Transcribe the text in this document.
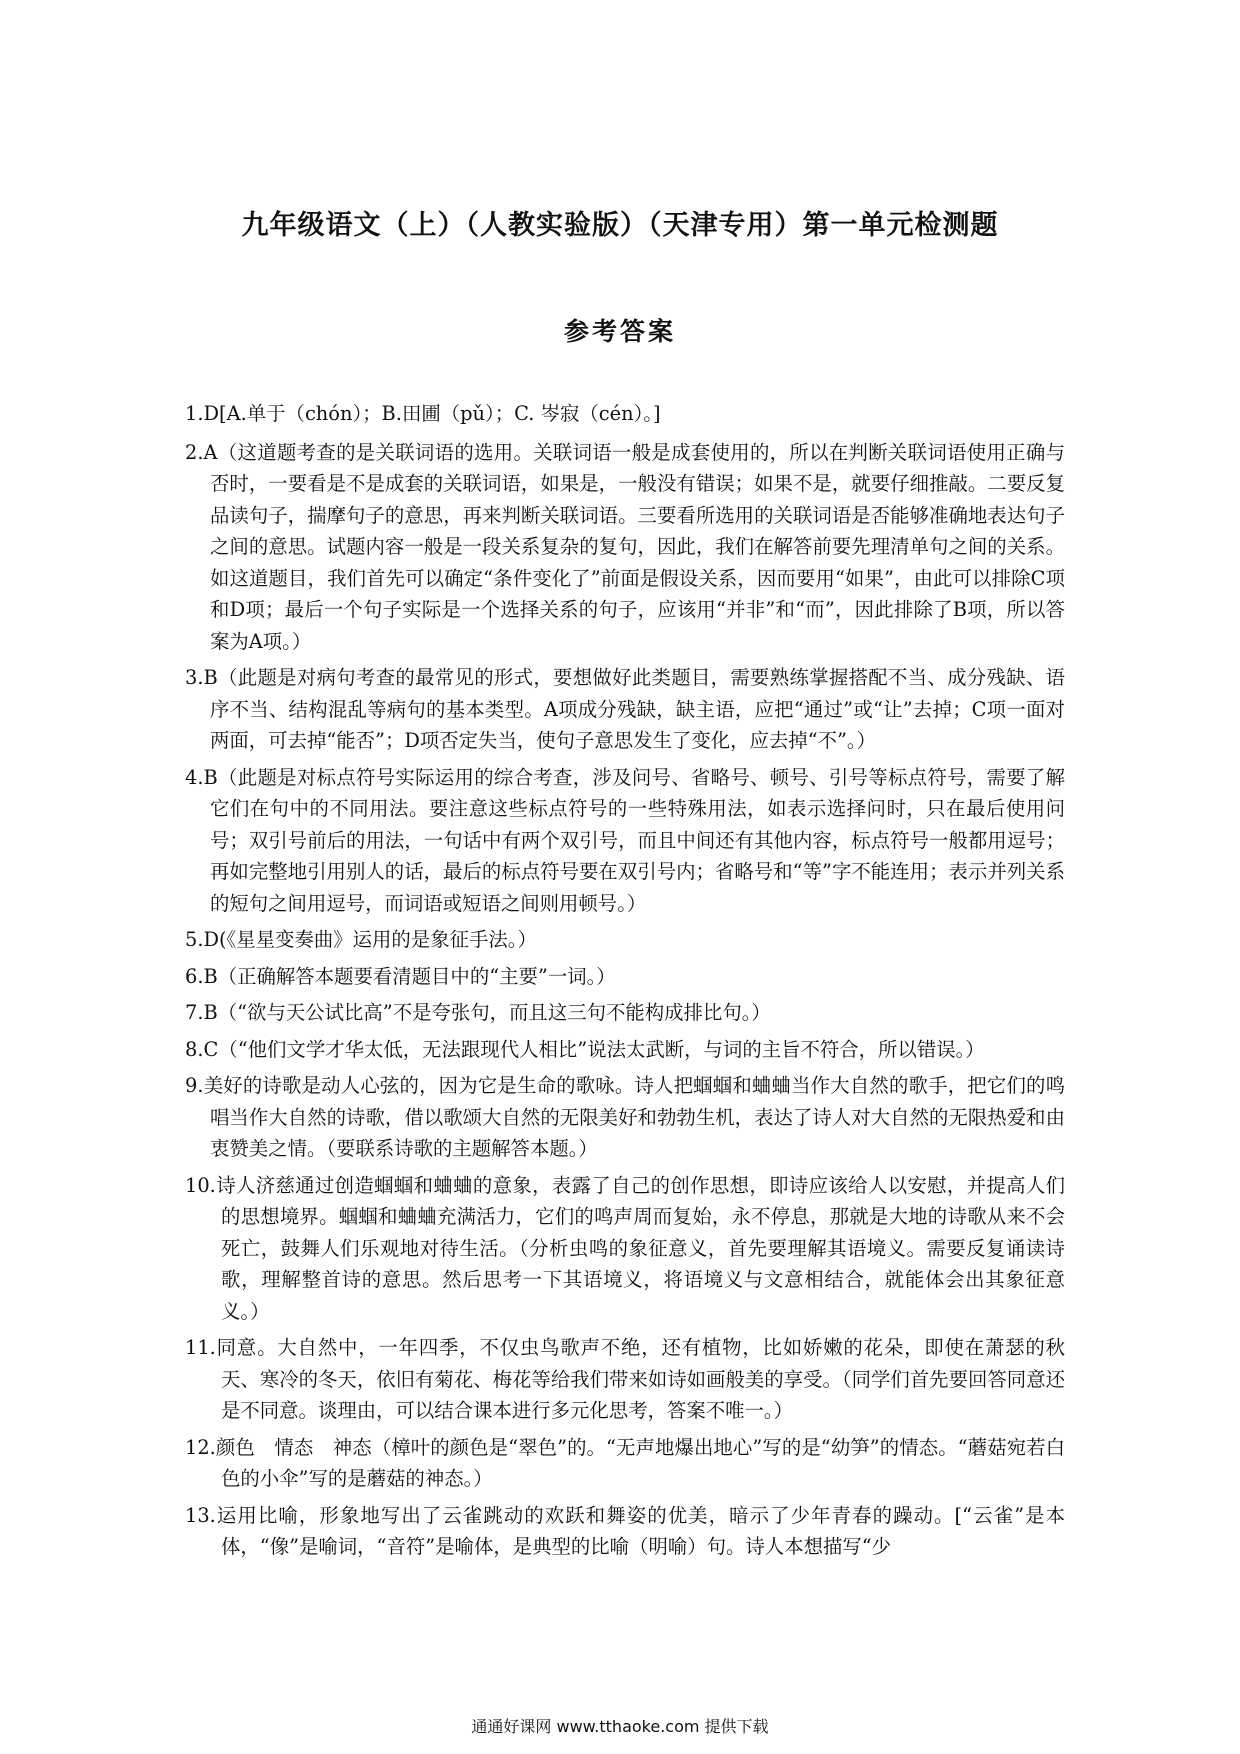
九年级语文（上）（人教实验版）（天津专用）第一单元检测题
参考答案

1.D[A.单于（chón）；B.田圃（pǔ）；C. 岑寂（cén）。]

2.A（这道题考查的是关联词语的选用。关联词语一般是成套使用的，所以在判断关联词语使用正确与否时，一要看是不是成套的关联词语，如果是，一般没有错误；如果不是，就要仔细推敲。二要反复品读句子，揣摩句子的意思，再来判断关联词语。三要看所选用的关联词语是否能够准确地表达句子之间的意思。试题内容一般是一段关系复杂的复句，因此，我们在解答前要先理清单句之间的关系。如这道题目，我们首先可以确定“条件变化了”前面是假设关系，因而要用“如果”，由此可以排除C项和D项；最后一个句子实际是一个选择关系的句子，应该用“并非”和“而”，因此排除了B项，所以答案为A项。）

3.B（此题是对病句考查的最常见的形式，要想做好此类题目，需要熟练掌握搭配不当、成分残缺、语序不当、结构混乱等病句的基本类型。A项成分残缺，缺主语，应把“通过”或“让”去掉；C项一面对两面，可去掉“能否”；D项否定失当，使句子意思发生了变化，应去掉“不”。）

4.B（此题是对标点符号实际运用的综合考查，涉及问号、省略号、顿号、引号等标点符号，需要了解它们在句中的不同用法。要注意这些标点符号的一些特殊用法，如表示选择问时，只在最后使用问号；双引号前后的用法，一句话中有两个双引号，而且中间还有其他内容，标点符号一般都用逗号；再如完整地引用别人的话，最后的标点符号要在双引号内；省略号和“等”字不能连用；表示并列关系的短句之间用逗号，而词语或短语之间则用顿号。）

5.D(《星星变奏曲》运用的是象征手法。）

6.B（正确解答本题要看清题目中的“主要”一词。）

7.B（“欲与天公试比高”不是夸张句，而且这三句不能构成排比句。）

8.C（“他们文学才华太低，无法跟现代人相比”说法太武断，与词的主旨不符合，所以错误。）

9.美好的诗歌是动人心弦的，因为它是生命的歌咏。诗人把蝈蝈和蛐蛐当作大自然的歌手，把它们的鸣唱当作大自然的诗歌，借以歌颂大自然的无限美好和勃勃生机，表达了诗人对大自然的无限热爱和由衷赞美之情。（要联系诗歌的主题解答本题。）

10.诗人济慈通过创造蝈蝈和蛐蛐的意象，表露了自己的创作思想，即诗应该给人以安慰，并提高人们的思想境界。蝈蝈和蛐蛐充满活力，它们的鸣声周而复始，永不停息，那就是大地的诗歌从来不会死亡，鼓舞人们乐观地对待生活。（分析虫鸣的象征意义，首先要理解其语境义。需要反复诵读诗歌，理解整首诗的意思。然后思考一下其语境义，将语境义与文意相结合，就能体会出其象征意义。）

11.同意。大自然中，一年四季，不仅虫鸟歌声不绝，还有植物，比如娇嫩的花朵，即使在萧瑟的秋天、寒冷的冬天，依旧有菊花、梅花等给我们带来如诗如画般美的享受。（同学们首先要回答同意还是不同意。谈理由，可以结合课本进行多元化思考，答案不唯一。）

12.颜色　情态　神态（樟叶的颜色是“翠色”的。“无声地爆出地心”写的是“幼笋”的情态。“蘑菇宛若白色的小伞”写的是蘑菇的神态。）

13.运用比喻，形象地写出了云雀跳动的欢跃和舞姿的优美，暗示了少年青春的躁动。[“云雀”是本体，“像”是喻词，“音符”是喻体，是典型的比喻（明喻）句。诗人本想描写“少

通通好课网 www.tthaoke.com 提供下载
